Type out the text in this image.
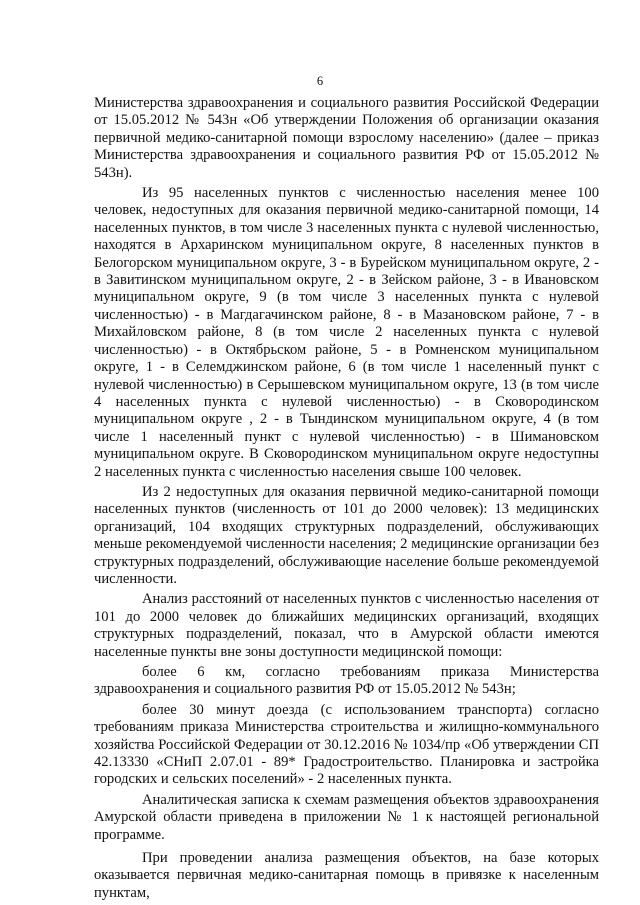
6

Министерства здравоохранения и социального развития Российской Федерации от 15.05.2012 № 543н «Об утверждении Положения об организации оказания первичной медико-санитарной помощи взрослому населению» (далее – приказ Министерства здравоохранения и социального развития РФ от 15.05.2012 № 543н).

Из 95 населенных пунктов с численностью населения менее 100 человек, недоступных для оказания первичной медико-санитарной помощи, 14 населенных пунктов, в том числе 3 населенных пункта с нулевой численностью, находятся в Архаринском муниципальном округе, 8 населенных пунктов в Белогорском муниципальном округе, 3 - в Бурейском муниципальном округе, 2 - в Завитинском муниципальном округе, 2 - в Зейском районе, 3 - в Ивановском муниципальном округе, 9 (в том числе 3 населенных пункта с нулевой численностью) - в Магдагачинском районе, 8 - в Мазановском районе, 7 - в Михайловском районе, 8 (в том числе 2 населенных пункта с нулевой численностью) - в Октябрьском районе, 5 - в Ромненском муниципальном округе, 1 - в Селемджинском районе, 6 (в том числе 1 населенный пункт с нулевой численностью) в Серышевском муниципальном округе, 13 (в том числе 4 населенных пункта с нулевой численностью) - в Сковородинском муниципальном округе , 2 - в Тындинском муниципальном округе, 4 (в том числе 1 населенный пункт с нулевой численностью) - в Шимановском муниципальном округе. В Сковородинском муниципальном округе недоступны 2 населенных пункта с численностью населения свыше 100 человек.

Из 2 недоступных для оказания первичной медико-санитарной помощи населенных пунктов (численность от 101 до 2000 человек): 13 медицинских организаций, 104 входящих структурных подразделений, обслуживающих меньше рекомендуемой численности населения; 2 медицинские организации без структурных подразделений, обслуживающие население больше рекомендуемой численности.

Анализ расстояний от населенных пунктов с численностью населения от 101 до 2000 человек до ближайших медицинских организаций, входящих структурных подразделений, показал, что в Амурской области имеются населенные пункты вне зоны доступности медицинской помощи:

более 6 км, согласно требованиям приказа Министерства здравоохранения и социального развития РФ от 15.05.2012 № 543н;

более 30 минут доезда (с использованием транспорта) согласно требованиям приказа Министерства строительства и жилищно-коммунального хозяйства Российской Федерации от 30.12.2016 № 1034/пр «Об утверждении СП 42.13330 «СНиП 2.07.01 - 89* Градостроительство. Планировка и застройка городских и сельских поселений» - 2 населенных пункта.

Аналитическая записка к схемам размещения объектов здравоохранения Амурской области приведена в приложении № 1 к настоящей региональной программе.

При проведении анализа размещения объектов, на базе которых оказывается первичная медико-санитарная помощь в привязке к населенным пунктам,
